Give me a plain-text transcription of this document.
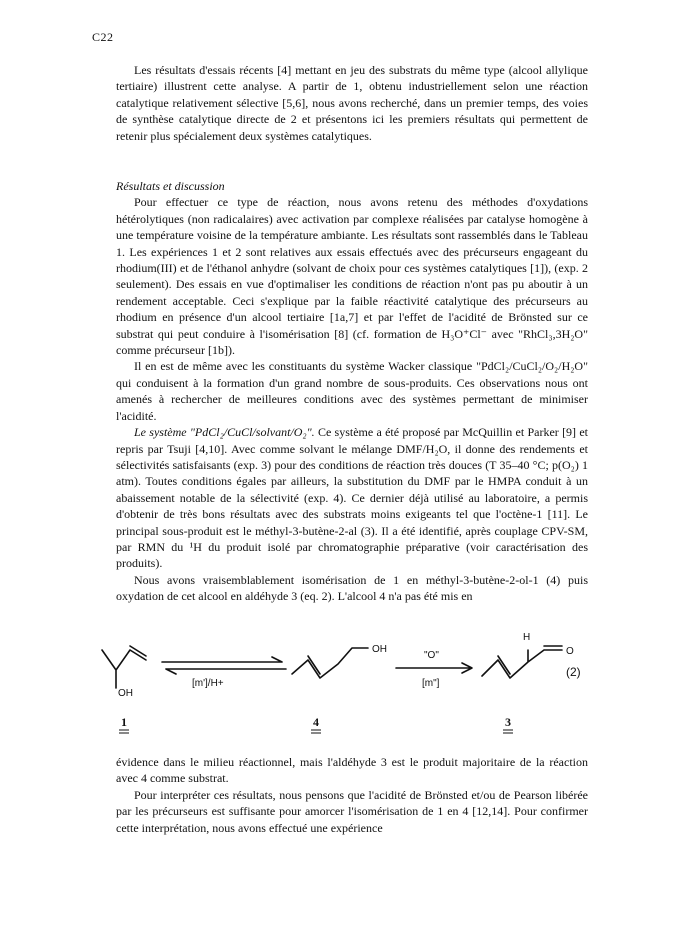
C22

Les résultats d'essais récents [4] mettant en jeu des substrats du même type (alcool allylique tertiaire) illustrent cette analyse. A partir de 1, obtenu industriellement selon une réaction catalytique relativement sélective [5,6], nous avons recherché, dans un premier temps, des voies de synthèse catalytique directe de 2 et présentons ici les premiers résultats qui permettent de retenir plus spécialement deux systèmes catalytiques.

Résultats et discussion

Pour effectuer ce type de réaction, nous avons retenu des méthodes d'oxydations hétérolytiques (non radicalaires) avec activation par complexe réalisées par catalyse homogène à une température voisine de la température ambiante. Les résultats sont rassemblés dans le Tableau 1. Les expériences 1 et 2 sont relatives aux essais effectués avec des précurseurs engageant du rhodium(III) et de l'éthanol anhydre (solvant de choix pour ces systèmes catalytiques [1]), (exp. 2 seulement). Des essais en vue d'optimaliser les conditions de réaction n'ont pas pu aboutir à un rendement acceptable. Ceci s'explique par la faible réactivité catalytique des précurseurs au rhodium en présence d'un alcool tertiaire [1a,7] et par l'effet de l'acidité de Brönsted sur ce substrat qui peut conduire à l'isomérisation [8] (cf. formation de H₃O⁺Cl⁻ avec "RhCl₃,3H₂O" comme précurseur [1b]).

Il en est de même avec les constituants du système Wacker classique "PdCl₂/CuCl₂/O₂/H₂O" qui conduisent à la formation d'un grand nombre de sous-produits. Ces observations nous ont amenés à rechercher de meilleures conditions avec des systèmes permettant de minimiser l'acidité.

Le système "PdCl₂/CuCl/solvant/O₂". Ce système a été proposé par McQuillin et Parker [9] et repris par Tsuji [4,10]. Avec comme solvant le mélange DMF/H₂O, il donne des rendements et sélectivités satisfaisants (exp. 3) pour des conditions de réaction très douces (T 35–40 °C; p(O₂) 1 atm). Toutes conditions égales par ailleurs, la substitution du DMF par le HMPA conduit à un abaissement notable de la sélectivité (exp. 4). Ce dernier déjà utilisé au laboratoire, a permis d'obtenir de très bons résultats avec des substrats moins exigeants tel que l'octène-1 [11]. Le principal sous-produit est le méthyl-3-butène-2-al (3). Il a été identifié, après couplage CPV-SM, par RMN du ¹H du produit isolé par chromatographie préparative (voir caractérisation des produits).

Nous avons vraisemblablement isomérisation de 1 en méthyl-3-butène-2-ol-1 (4) puis oxydation de cet alcool en aldéhyde 3 (eq. 2). L'alcool 4 n'a pas été mis en

OH
OH
H
O
[m']/H+
"O"
[m"]
(2)
1	4	3

évidence dans le milieu réactionnel, mais l'aldéhyde 3 est le produit majoritaire de la réaction avec 4 comme substrat.

Pour interpréter ces résultats, nous pensons que l'acidité de Brönsted et/ou de Pearson libérée par les précurseurs est suffisante pour amorcer l'isomérisation de 1 en 4 [12,14]. Pour confirmer cette interprétation, nous avons effectué une expérience
